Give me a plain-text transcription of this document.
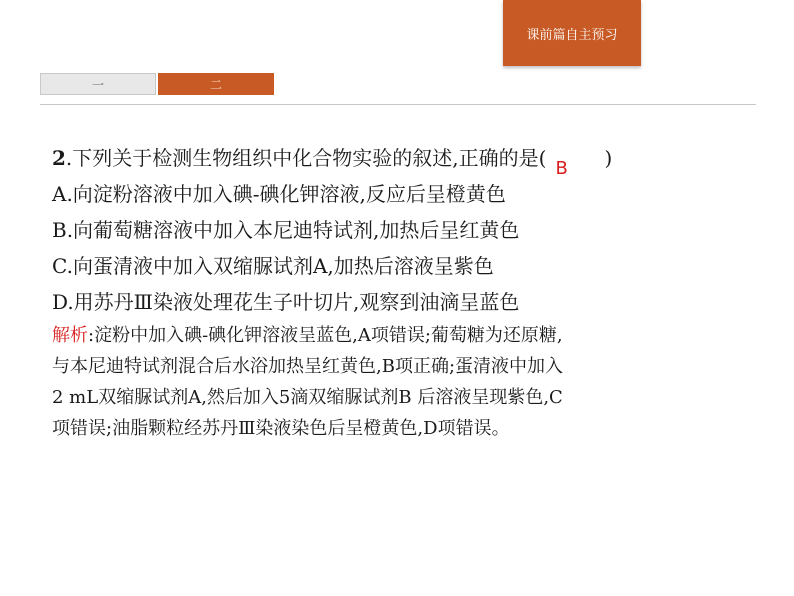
课前篇自主预习
一	二
2.下列关于检测生物组织中化合物实验的叙述,正确的是( B )
A.向淀粉溶液中加入碘-碘化钾溶液,反应后呈橙黄色
B.向葡萄糖溶液中加入本尼迪特试剂,加热后呈红黄色
C.向蛋清液中加入双缩脲试剂A,加热后溶液呈紫色
D.用苏丹Ⅲ染液处理花生子叶切片,观察到油滴呈蓝色
解析:淀粉中加入碘-碘化钾溶液呈蓝色,A项错误;葡萄糖为还原糖,
与本尼迪特试剂混合后水浴加热呈红黄色,B项正确;蛋清液中加入
2 mL双缩脲试剂A,然后加入5滴双缩脲试剂B 后溶液呈现紫色,C
项错误;油脂颗粒经苏丹Ⅲ染液染色后呈橙黄色,D项错误。
